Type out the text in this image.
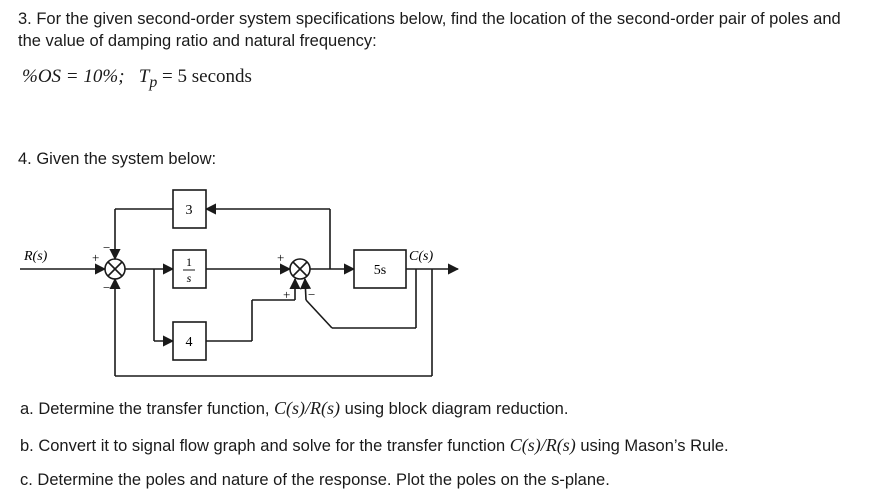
3. For the given second-order system specifications below, find the location of the second-order pair of poles and
the value of damping ratio and natural frequency:
%OS = 10%; $T_p = 5$ seconds
4. Given the system below:
R(s)	C(s)
3
1
s
4
5s
+
−
−
+
+ −
a. Determine the transfer function, C(s)/R(s) using block diagram reduction.
b. Convert it to signal flow graph and solve for the transfer function C(s)/R(s) using Mason’s Rule.
c. Determine the poles and nature of the response. Plot the poles on the s-plane.
